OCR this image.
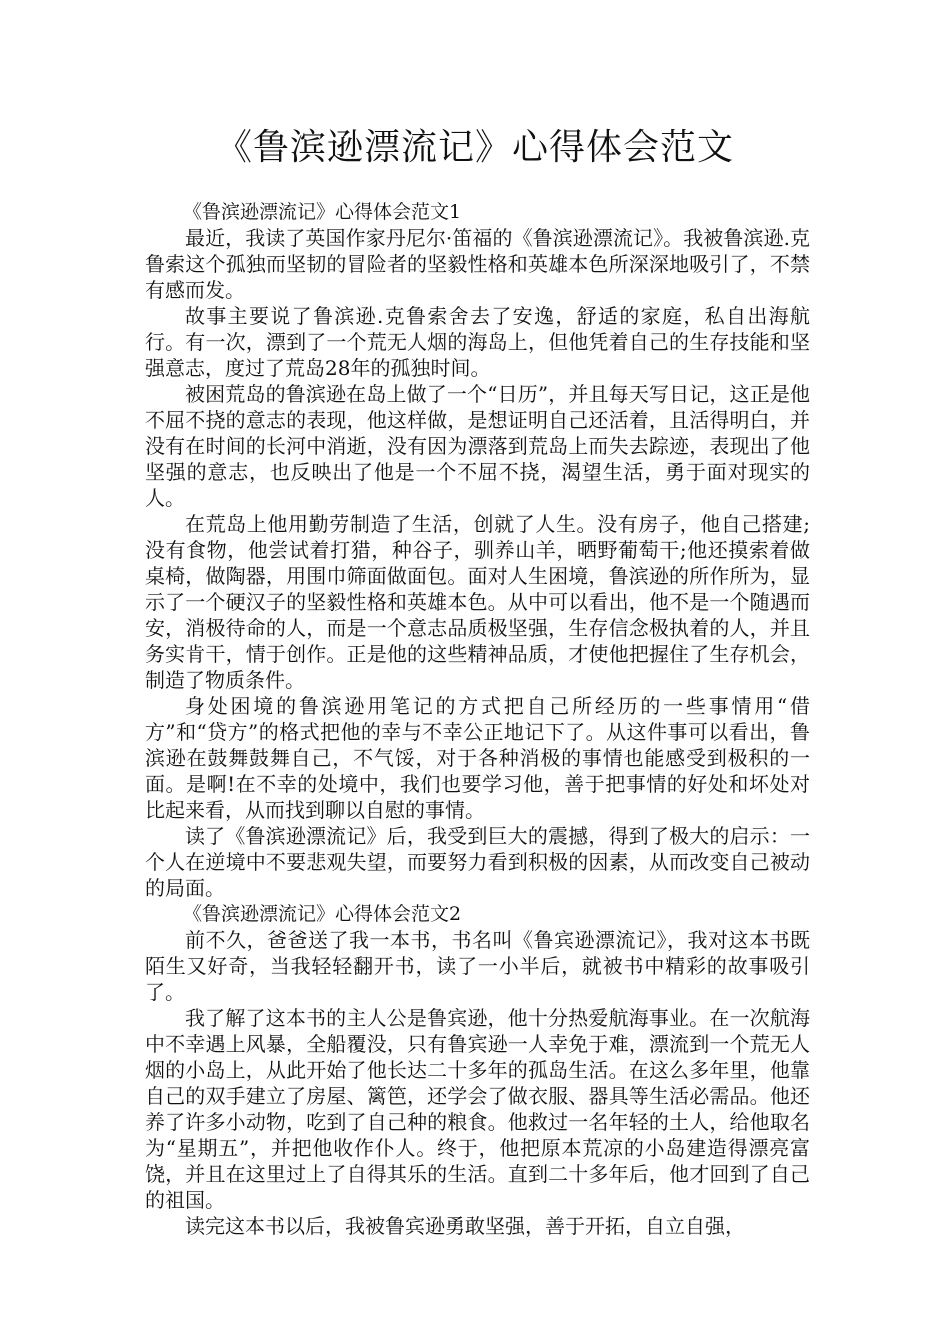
《鲁滨逊漂流记》心得体会范文

《鲁滨逊漂流记》心得体会范文1

最近，我读了英国作家丹尼尔·笛福的《鲁滨逊漂流记》。我被鲁滨逊.克鲁索这个孤独而坚韧的冒险者的坚毅性格和英雄本色所深深地吸引了，不禁有感而发。

故事主要说了鲁滨逊.克鲁索舍去了安逸，舒适的家庭，私自出海航行。有一次，漂到了一个荒无人烟的海岛上，但他凭着自己的生存技能和坚强意志，度过了荒岛28年的孤独时间。

被困荒岛的鲁滨逊在岛上做了一个“日历”，并且每天写日记，这正是他不屈不挠的意志的表现，他这样做，是想证明自己还活着，且活得明白，并没有在时间的长河中消逝，没有因为漂落到荒岛上而失去踪迹，表现出了他坚强的意志，也反映出了他是一个不屈不挠，渴望生活，勇于面对现实的人。

在荒岛上他用勤劳制造了生活，创就了人生。没有房子，他自己搭建;没有食物，他尝试着打猎，种谷子，驯养山羊，晒野葡萄干;他还摸索着做桌椅，做陶器，用围巾筛面做面包。面对人生困境，鲁滨逊的所作所为，显示了一个硬汉子的坚毅性格和英雄本色。从中可以看出，他不是一个随遇而安，消极待命的人，而是一个意志品质极坚强，生存信念极执着的人，并且务实肯干，情于创作。正是他的这些精神品质，才使他把握住了生存机会，制造了物质条件。

身处困境的鲁滨逊用笔记的方式把自己所经历的一些事情用“借方”和“贷方”的格式把他的幸与不幸公正地记下了。从这件事可以看出，鲁滨逊在鼓舞鼓舞自己，不气馁，对于各种消极的事情也能感受到极积的一面。是啊!在不幸的处境中，我们也要学习他，善于把事情的好处和坏处对比起来看，从而找到聊以自慰的事情。

读了《鲁滨逊漂流记》后，我受到巨大的震撼，得到了极大的启示：一个人在逆境中不要悲观失望，而要努力看到积极的因素，从而改变自己被动的局面。

《鲁滨逊漂流记》心得体会范文2

前不久，爸爸送了我一本书，书名叫《鲁宾逊漂流记》，我对这本书既陌生又好奇，当我轻轻翻开书，读了一小半后，就被书中精彩的故事吸引了。

我了解了这本书的主人公是鲁宾逊，他十分热爱航海事业。在一次航海中不幸遇上风暴，全船覆没，只有鲁宾逊一人幸免于难，漂流到一个荒无人烟的小岛上，从此开始了他长达二十多年的孤岛生活。在这么多年里，他靠自己的双手建立了房屋、篱笆，还学会了做衣服、器具等生活必需品。他还养了许多小动物，吃到了自己种的粮食。他救过一名年轻的土人，给他取名为“星期五”，并把他收作仆人。终于，他把原本荒凉的小岛建造得漂亮富饶，并且在这里过上了自得其乐的生活。直到二十多年后，他才回到了自己的祖国。

读完这本书以后，我被鲁宾逊勇敢坚强，善于开拓，自立自强，
